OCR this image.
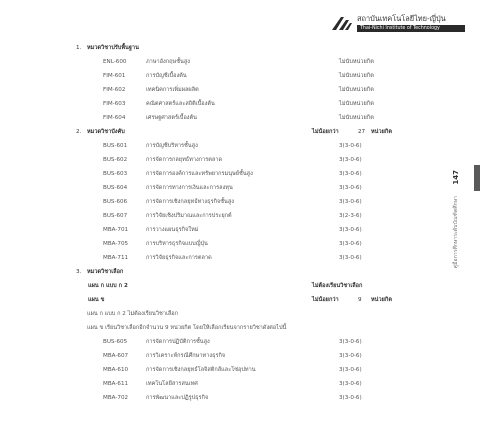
สถาบันเทคโนโลยีไทย-ญี่ปุ่น
Thai-Nichi Institute of Technology
1. หมวดวิชาปรับพื้นฐาน
ENL-600	ภาษาอังกฤษชั้นสูง	ไม่นับหน่วยกิต
FIM-601	การบัญชีเบื้องต้น	ไม่นับหน่วยกิต
FIM-602	เทคนิคการเพิ่มผลผลิต	ไม่นับหน่วยกิต
FIM-603	คณิตศาสตร์และสถิติเบื้องต้น	ไม่นับหน่วยกิต
FIM-604	เศรษฐศาสตร์เบื้องต้น	ไม่นับหน่วยกิต
2. หมวดวิชาบังคับ	ไม่น้อยกว่า	27 หน่วยกิต
BUS-601	การบัญชีบริหารชั้นสูง	3(3-0-6)
BUS-602	การจัดการกลยุทธ์ทางการตลาด	3(3-0-6)
BUS-603	การจัดการองค์การและทรัพยากรมนุษย์ชั้นสูง	3(3-0-6)
BUS-604	การจัดการทางการเงินและการลงทุน	3(3-0-6)
BUS-606	การจัดการเชิงกลยุทธ์ทางธุรกิจชั้นสูง	3(3-0-6)
BUS-607	การวิจัยเชิงปริมาณและการประยุกต์	3(2-3-6)
MBA-701	การวางแผนธุรกิจใหม่	3(3-0-6)
MBA-705	การบริหารธุรกิจแบบญี่ปุ่น	3(3-0-6)
MBA-711	การวิจัยธุรกิจและการตลาด	3(3-0-6)
3. หมวดวิชาเลือก
แผน ก แบบ ก 2	ไม่ต้องเรียนวิชาเลือก
แผน ข	ไม่น้อยกว่า	9 หน่วยกิต
แผน ก แบบ ก 2 ไม่ต้องเรียนวิชาเลือก
แผน ข เรียนวิชาเลือกอีกจำนวน 9 หน่วยกิต โดยให้เลือกเรียนจากรายวิชาดังต่อไปนี้
BUS-605	การจัดการปฏิบัติการชั้นสูง	3(3-0-6)
MBA-607	การวิเคราะห์กรณีศึกษาทางธุรกิจ	3(3-0-6)
MBA-610	การจัดการเชิงกลยุทธ์โลจิสติกส์และโซ่อุปทาน	3(3-0-6)
MBA-611	เทคโนโลยีสารสนเทศ	3(3-0-6)
MBA-702	การพัฒนาและปฏิรูปธุรกิจ	3(3-0-6)
147
คู่มือการศึกษาระดับบัณฑิตศึกษา
